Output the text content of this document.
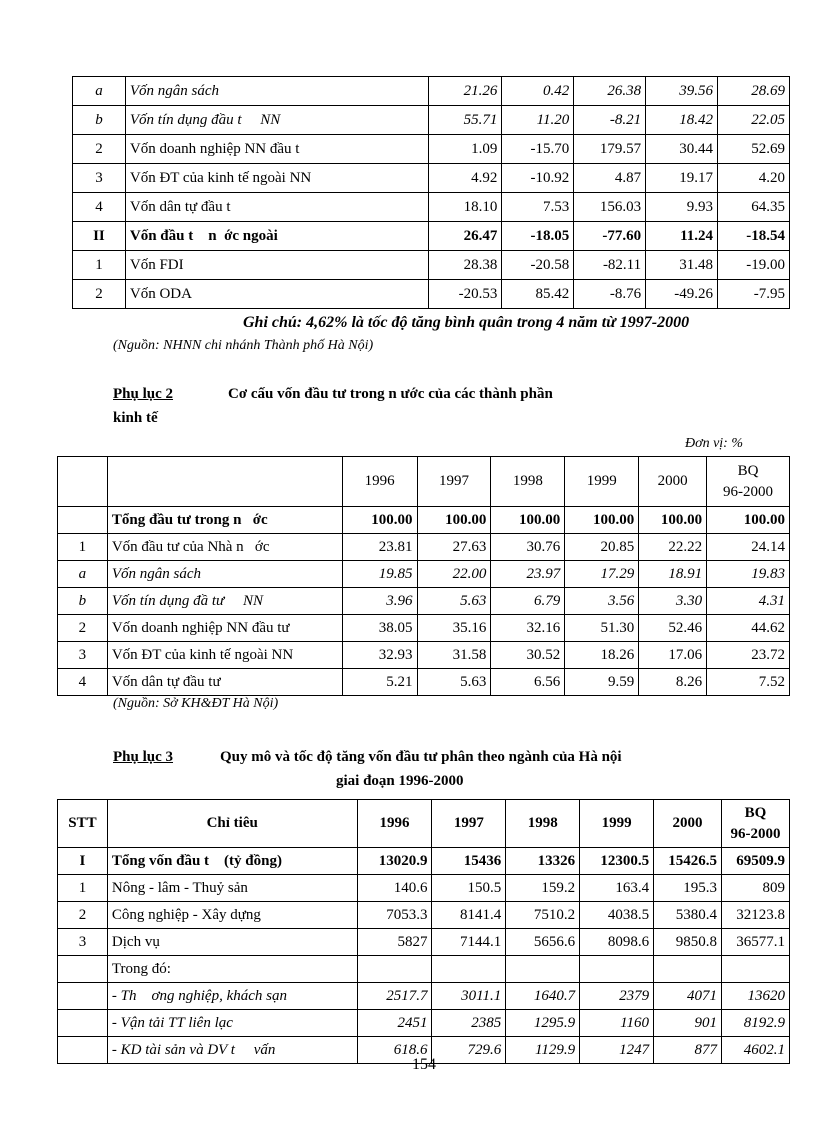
a	Vốn ngân sách	21.26	0.42	26.38	39.56	28.69
b	Vốn tín dụng đầu t     NN	55.71	11.20	-8.21	18.42	22.05
2	Vốn doanh nghiệp NN đầu t	1.09	-15.70	179.57	30.44	52.69
3	Vốn ĐT của kinh tế ngoài NN	4.92	-10.92	4.87	19.17	4.20
4	Vốn dân tự đầu t	18.10	7.53	156.03	9.93	64.35
II	Vốn đầu t    n  ớc ngoài	26.47	-18.05	-77.60	11.24	-18.54
1	Vốn FDI	28.38	-20.58	-82.11	31.48	-19.00
2	Vốn ODA	-20.53	85.42	-8.76	-49.26	-7.95
Ghi chú: 4,62% là tốc độ tăng bình quân trong 4 năm từ 1997-2000
(Nguồn: NHNN chi nhánh Thành phố Hà Nội)
Phụ lục 2	Cơ cấu vốn đầu tư trong n ước của các thành phần
kinh tế
Đơn vị: %
		1996	1997	1998	1999	2000	BQ
96-2000

	Tổng đầu tư trong n   ớc	100.00	100.00	100.00	100.00	100.00	100.00
1	Vốn đầu tư của Nhà n   ớc	23.81	27.63	30.76	20.85	22.22	24.14
a	Vốn ngân sách	19.85	22.00	23.97	17.29	18.91	19.83
b	Vốn tín dụng đầ tư     NN	3.96	5.63	6.79	3.56	3.30	4.31
2	Vốn doanh nghiệp NN đầu tư	38.05	35.16	32.16	51.30	52.46	44.62
3	Vốn ĐT của kinh tế ngoài NN	32.93	31.58	30.52	18.26	17.06	23.72
4	Vốn dân tự đầu tư	5.21	5.63	6.56	9.59	8.26	7.52
(Nguồn: Sở KH&ĐT Hà Nội)
Phụ lục 3	Quy mô và tốc độ tăng vốn đầu tư phân theo ngành của Hà nội
giai đoạn 1996-2000
STT	Chỉ tiêu	1996	1997	1998	1999	2000	BQ
96-2000

I	Tổng vốn đầu t    (tỷ đồng)	13020.9	15436	13326	12300.5	15426.5	69509.9
1	Nông - lâm - Thuỷ sản	140.6	150.5	159.2	163.4	195.3	809
2	Công nghiệp - Xây dựng	7053.3	8141.4	7510.2	4038.5	5380.4	32123.8
3	Dịch vụ	5827	7144.1	5656.6	8098.6	9850.8	36577.1
	Trong đó:						
	- Th    ơng nghiệp, khách sạn	2517.7	3011.1	1640.7	2379	4071	13620
	- Vận tải TT liên lạc	2451	2385	1295.9	1160	901	8192.9
	- KD tài sản và DV t     vấn	618.6	729.6	1129.9	1247	877	4602.1
154
